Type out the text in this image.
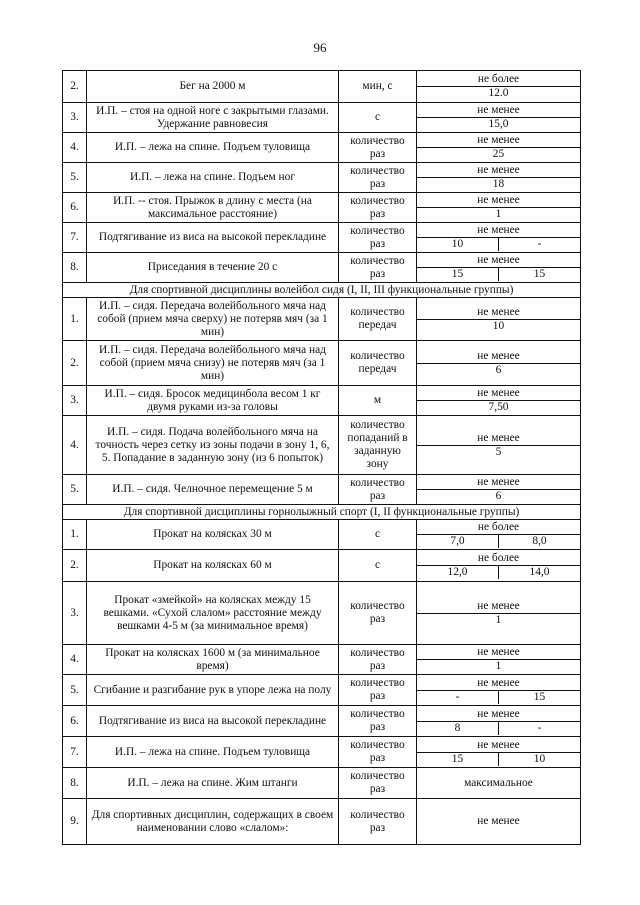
96
2.	Бег на 2000 м	мин, с	
не более
12.0

3.	И.П. – стоя на одной ноге с закрытыми глазами. Удержание равновесия	с	
не менее
15,0

4.	И.П. – лежа на спине. Подъем туловища	количество раз	
не менее
25

5.	И.П. – лежа на спине. Подъем ног	количество раз	
не менее
18

6.	И.П. -- стоя. Прыжок в длину с места (на максимальное расстояние)	количество раз	
не менее
1

7.	Подтягивание из виса на высокой перекладине	количество раз	
не менее
10	-

8.	Приседания в течение 20 с	количество раз	
не менее
15	15

Для спортивной дисциплины волейбол сидя (I, II, III функциональные группы)
1.	И.П. – сидя. Передача волейбольного мяча над собой (прием мяча сверху) не потеряв мяч (за 1 мин)	количество передач	
не менее
10

2.	И.П. – сидя. Передача волейбольного мяча над собой (прием мяча снизу) не потеряв мяч (за 1 мин)	количество передач	
не менее
6

3.	И.П. – сидя. Бросок медицинбола весом 1 кг двумя руками из-за головы	м	
не менее
7,50

4.	И.П. – сидя. Подача волейбольного мяча на точность через сетку из зоны подачи в зону 1, 6, 5. Попадание в заданную зону (из 6 попыток)	количество попаданий в заданную зону	
не менее
5

5.	И.П. – сидя. Челночное перемещение 5 м	количество раз	
не менее
6

Для спортивной дисциплины горнолыжный спорт (I, II функциональные группы)
1.	Прокат на колясках 30 м	с	
не более
7,0	8,0

2.	Прокат на колясках 60 м	с	
не более
12,0	14,0

3.	Прокат «змейкой» на колясках между 15 вешками. «Сухой слалом» расстояние между вешками 4-5 м (за минимальное время)	количество раз	
не менее
1

4.	Прокат на колясках 1600 м (за минимальное время)	количество раз	
не менее
1

5.	Сгибание и разгибание рук в упоре лежа на полу	количество раз	
не менее
-	15

6.	Подтягивание из виса на высокой перекладине	количество раз	
не менее
8	-

7.	И.П. – лежа на спине. Подъем туловища	количество раз	
не менее
15	10

8.	И.П. – лежа на спине. Жим штанги	количество раз	максимальное
9.	Для спортивных дисциплин, содержащих в своем наименовании слово «слалом»:	количество раз	не менее
